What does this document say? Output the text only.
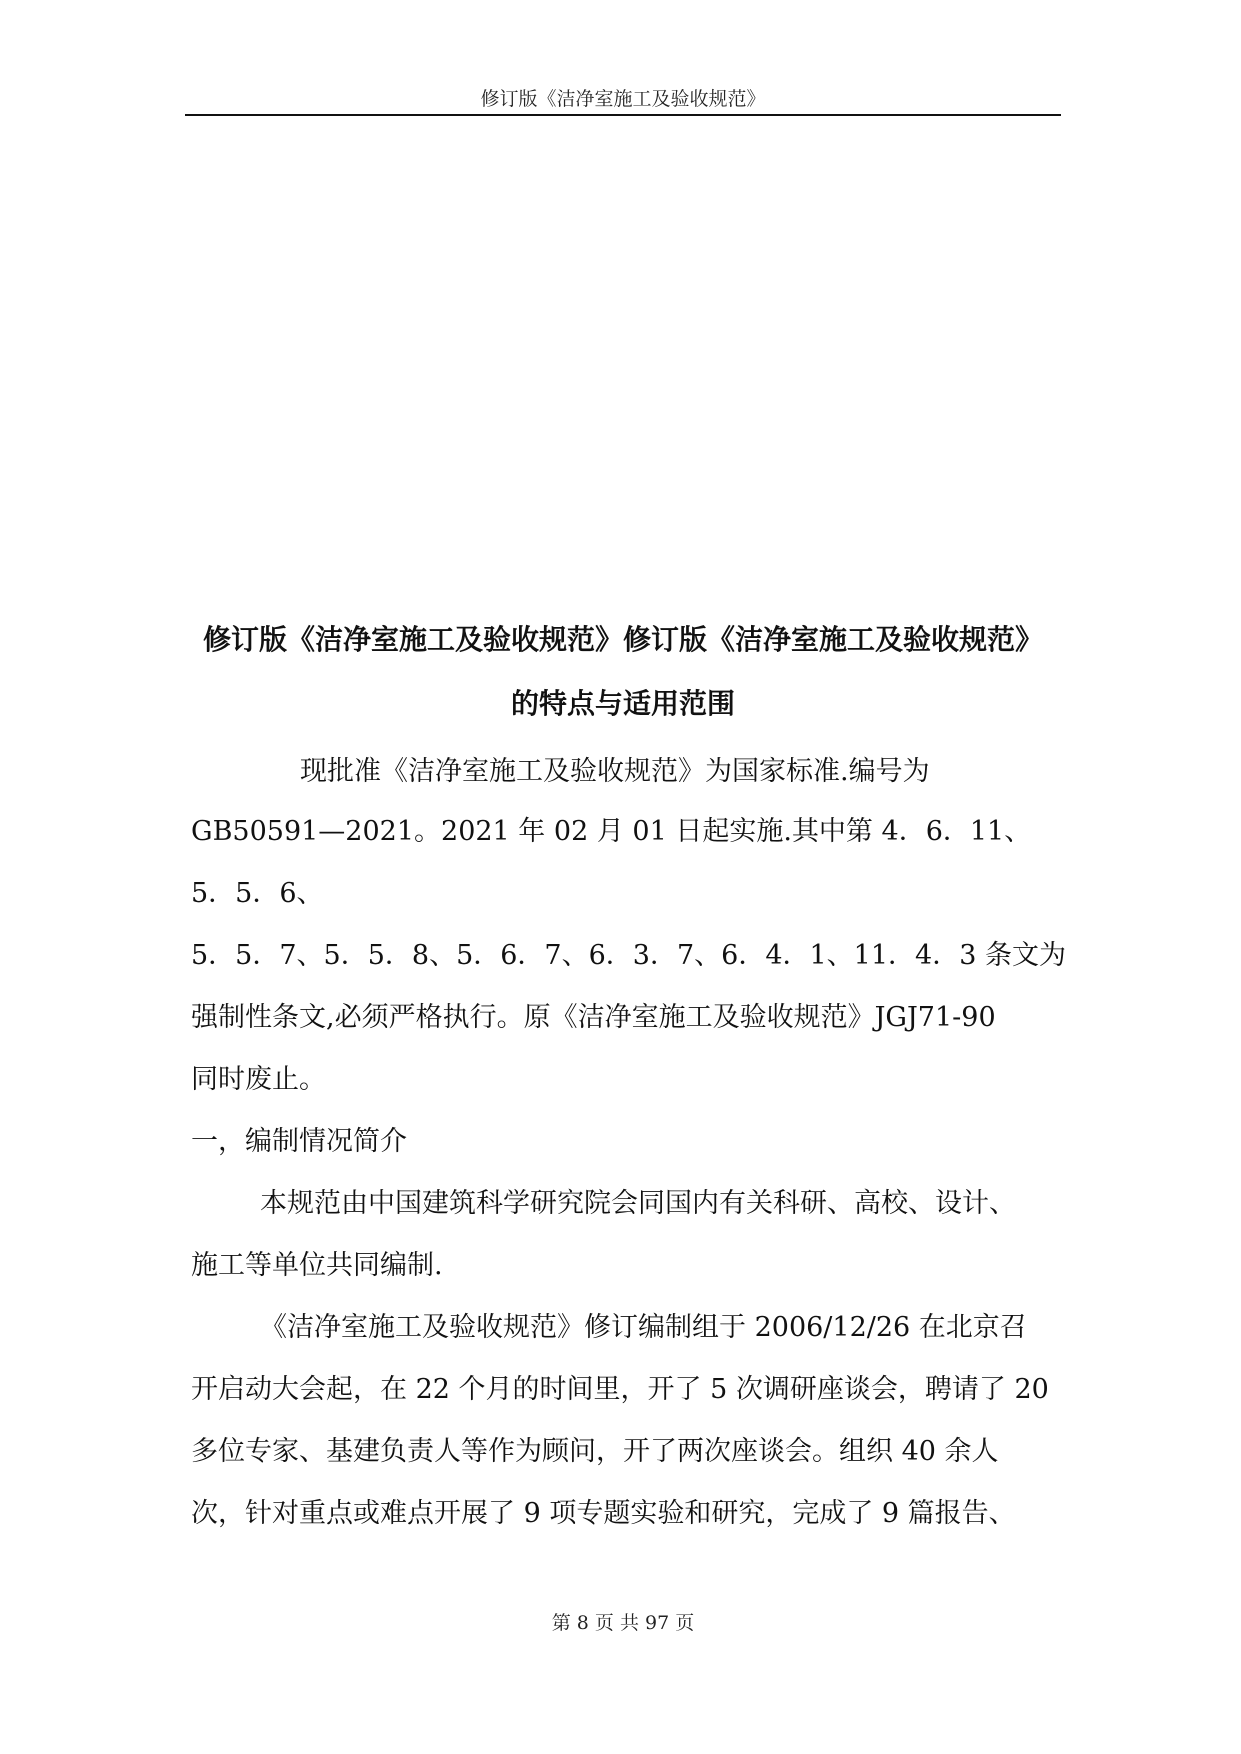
修订版《洁净室施工及验收规范》
修订版《洁净室施工及验收规范》修订版《洁净室施工及验收规范》
的特点与适用范围
现批准《洁净室施工及验收规范》为国家标准.编号为
GB50591—2021。2021 年 02 月 01 日起实施.其中第 4．6．11、
5．5．6、
5．5．7、5．5．8、5．6．7、6．3．7、6．4．1、11．4．3 条文为
强制性条文,必须严格执行。原《洁净室施工及验收规范》JGJ71-90
同时废止。
一，编制情况简介
本规范由中国建筑科学研究院会同国内有关科研、高校、设计、
施工等单位共同编制.
《洁净室施工及验收规范》修订编制组于 2006/12/26 在北京召
开启动大会起，在 22 个月的时间里，开了 5 次调研座谈会，聘请了 20
多位专家、基建负责人等作为顾问，开了两次座谈会。组织 40 余人
次，针对重点或难点开展了 9 项专题实验和研究，完成了 9 篇报告、
第 8 页 共 97 页
